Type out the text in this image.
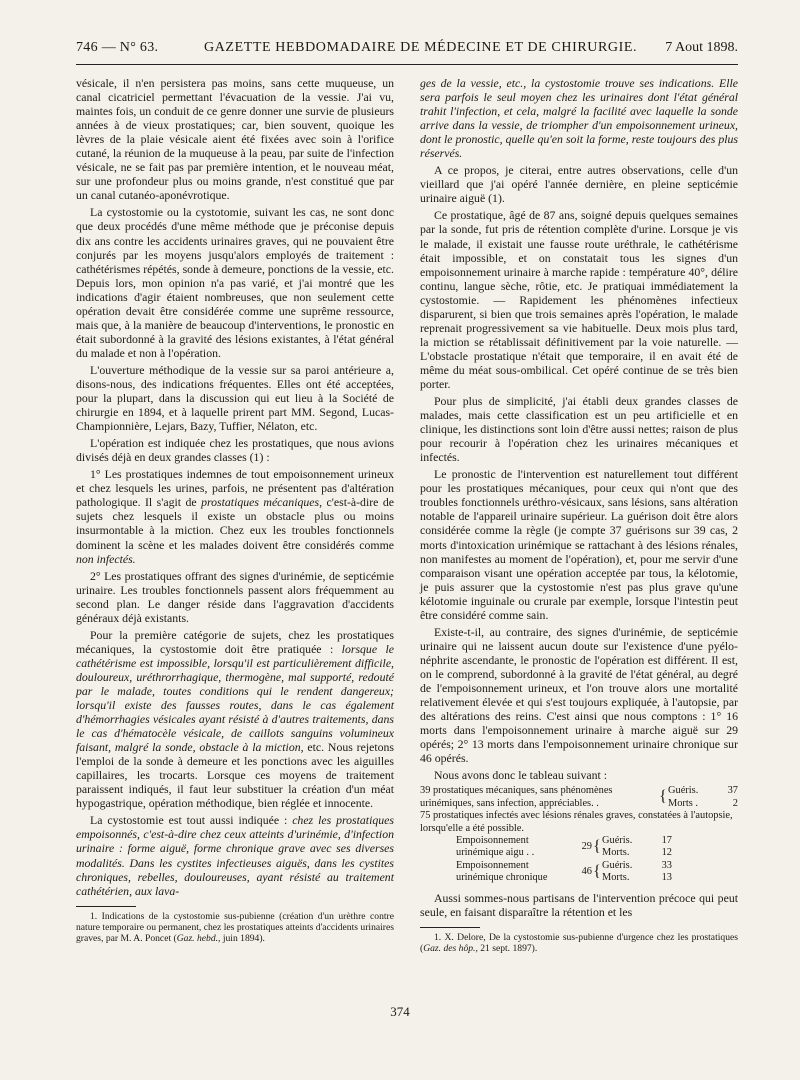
746 — N° 63.	GAZETTE HEBDOMADAIRE DE MÉDECINE ET DE CHIRURGIE. 7 Aout 1898.

vésicale, il n'en persistera pas moins, sans cette muqueuse, un canal cicatriciel permettant l'évacuation de la vessie. J'ai vu, maintes fois, un conduit de ce genre donner une survie de plusieurs années à de vieux prostatiques; car, bien souvent, quoique les lèvres de la plaie vésicale aient été fixées avec soin à l'orifice cutané, la réunion de la muqueuse à la peau, par suite de l'infection vésicale, ne se fait pas par première intention, et le nouveau méat, sur une profondeur plus ou moins grande, n'est constitué que par un canal cutanéo-aponévrotique.

La cystostomie ou la cystotomie, suivant les cas, ne sont donc que deux procédés d'une même méthode que je préconise depuis dix ans contre les accidents urinaires graves, qui ne pouvaient être conjurés par les moyens jusqu'alors employés de traitement : cathétérismes répétés, sonde à demeure, ponctions de la vessie, etc. Depuis lors, mon opinion n'a pas varié, et j'ai montré que les indications d'agir étaient nombreuses, que non seulement cette opération devait être considérée comme une suprême ressource, mais que, à la manière de beaucoup d'interventions, le pronostic en était subordonné à la gravité des lésions existantes, à l'état général du malade et non à l'opération.

L'ouverture méthodique de la vessie sur sa paroi antérieure a, disons-nous, des indications fréquentes. Elles ont été acceptées, pour la plupart, dans la discussion qui eut lieu à la Société de chirurgie en 1894, et à laquelle prirent part MM. Segond, Lucas-Championnière, Lejars, Bazy, Tuffier, Nélaton, etc.

L'opération est indiquée chez les prostatiques, que nous avions divisés déjà en deux grandes classes (1) :

1° Les prostatiques indemnes de tout empoisonnement urineux et chez lesquels les urines, parfois, ne présentent pas d'altération pathologique. Il s'agit de prostatiques mécaniques, c'est-à-dire de sujets chez lesquels il existe un obstacle plus ou moins insurmontable à la miction. Chez eux les troubles fonctionnels dominent la scène et les malades doivent être considérés comme non infectés.

2° Les prostatiques offrant des signes d'urinémie, de septicémie urinaire. Les troubles fonctionnels passent alors fréquemment au second plan. Le danger réside dans l'aggravation d'accidents généraux déjà existants.

Pour la première catégorie de sujets, chez les prostatiques mécaniques, la cystostomie doit être pratiquée : lorsque le cathétérisme est impossible, lorsqu'il est particulièrement difficile, douloureux, uréthrorrhagique, thermogène, mal supporté, redouté par le malade, toutes conditions qui le rendent dangereux; lorsqu'il existe des fausses routes, dans le cas également d'hémorrhagies vésicales ayant résisté à d'autres traitements, dans le cas d'hématocèle vésicale, de caillots sanguins volumineux faisant, malgré la sonde, obstacle à la miction, etc. Nous rejetons l'emploi de la sonde à demeure et les ponctions avec les aiguilles capillaires, les trocarts. Lorsque ces moyens de traitement paraissent indiqués, il faut leur substituer la création d'un méat hypogastrique, opération méthodique, bien réglée et innocente.

La cystostomie est tout aussi indiquée : chez les prostatiques empoisonnés, c'est-à-dire chez ceux atteints d'urinémie, d'infection urinaire : forme aiguë, forme chronique grave avec ses diverses modalités. Dans les cystites infectieuses aiguës, dans les cystites chroniques, rebelles, douloureuses, ayant résisté au traitement cathétérien, aux lava-

1. Indications de la cystostomie sus-pubienne (création d'un urèthre contre nature temporaire ou permanent, chez les prostatiques atteints d'accidents urinaires graves, par M. A. Poncet (Gaz. hebd., juin 1894).

ges de la vessie, etc., la cystostomie trouve ses indications. Elle sera parfois le seul moyen chez les urinaires dont l'état général trahit l'infection, et cela, malgré la facilité avec laquelle la sonde arrive dans la vessie, de triompher d'un empoisonnement urineux, dont le pronostic, quelle qu'en soit la forme, reste toujours des plus réservés.

A ce propos, je citerai, entre autres observations, celle d'un vieillard que j'ai opéré l'année dernière, en pleine septicémie urinaire aiguë (1).

Ce prostatique, âgé de 87 ans, soigné depuis quelques semaines par la sonde, fut pris de rétention complète d'urine. Lorsque je vis le malade, il existait une fausse route uréthrale, le cathétérisme était impossible, et on constatait tous les signes d'un empoisonnement urinaire à marche rapide : température 40°, délire continu, langue sèche, rôtie, etc. Je pratiquai immédiatement la cystostomie. — Rapidement les phénomènes infectieux disparurent, si bien que trois semaines après l'opération, le malade reprenait progressivement sa vie habituelle. Deux mois plus tard, la miction se rétablissait définitivement par la voie naturelle. — L'obstacle prostatique n'était que temporaire, il en avait été de même du méat sous-ombilical. Cet opéré continue de se très bien porter.

Pour plus de simplicité, j'ai établi deux grandes classes de malades, mais cette classification est un peu artificielle et en clinique, les distinctions sont loin d'être aussi nettes; raison de plus pour recourir à l'opération chez les urinaires mécaniques et infectés.

Le pronostic de l'intervention est naturellement tout différent pour les prostatiques mécaniques, pour ceux qui n'ont que des troubles fonctionnels uréthro-vésicaux, sans lésions, sans altération notable de l'appareil urinaire supérieur. La guérison doit être alors considérée comme la règle (je compte 37 guérisons sur 39 cas, 2 morts d'intoxication urinémique se rattachant à des lésions rénales, non manifestes au moment de l'opération), et, pour me servir d'une comparaison visant une opération acceptée par tous, la kélotomie, je puis assurer que la cystostomie n'est pas plus grave qu'une kélotomie inguinale ou crurale par exemple, lorsque l'intestin peut être considéré comme sain.

Existe-t-il, au contraire, des signes d'urinémie, de septicémie urinaire qui ne laissent aucun doute sur l'existence d'une pyélo-néphrite ascendante, le pronostic de l'opération est différent. Il est, on le comprend, subordonné à la gravité de l'état général, au degré de l'empoisonnement urineux, et l'on trouve alors une mortalité relativement élevée et qui s'est toujours expliquée, à l'autopsie, par des altérations des reins. C'est ainsi que nous comptons : 1° 16 morts dans l'empoisonnement urinaire à marche aiguë sur 29 opérés; 2° 13 morts dans l'empoisonnement urinaire chronique sur 46 opérés.

Nous avons donc le tableau suivant :

39 prostatiques mécaniques, sans phénomènes urinémiques, sans infection, appréciables. .	{ Guéris.	37
Morts .	2
75 prostatiques infectés avec lésions rénales graves, constatées à l'autopsie, lorsqu'elle a été possible.
Empoisonnement urinémique aigu . .
29 { Guéris.	17
Morts.	12
Empoisonnement urinémique chronique
46 { Guéris.	33
Morts.	13

Aussi sommes-nous partisans de l'intervention précoce qui peut seule, en faisant disparaître la rétention et les

1. X. Delore, De la cystostomie sus-pubienne d'urgence chez les prostatiques (Gaz. des hôp., 21 sept. 1897).

374
